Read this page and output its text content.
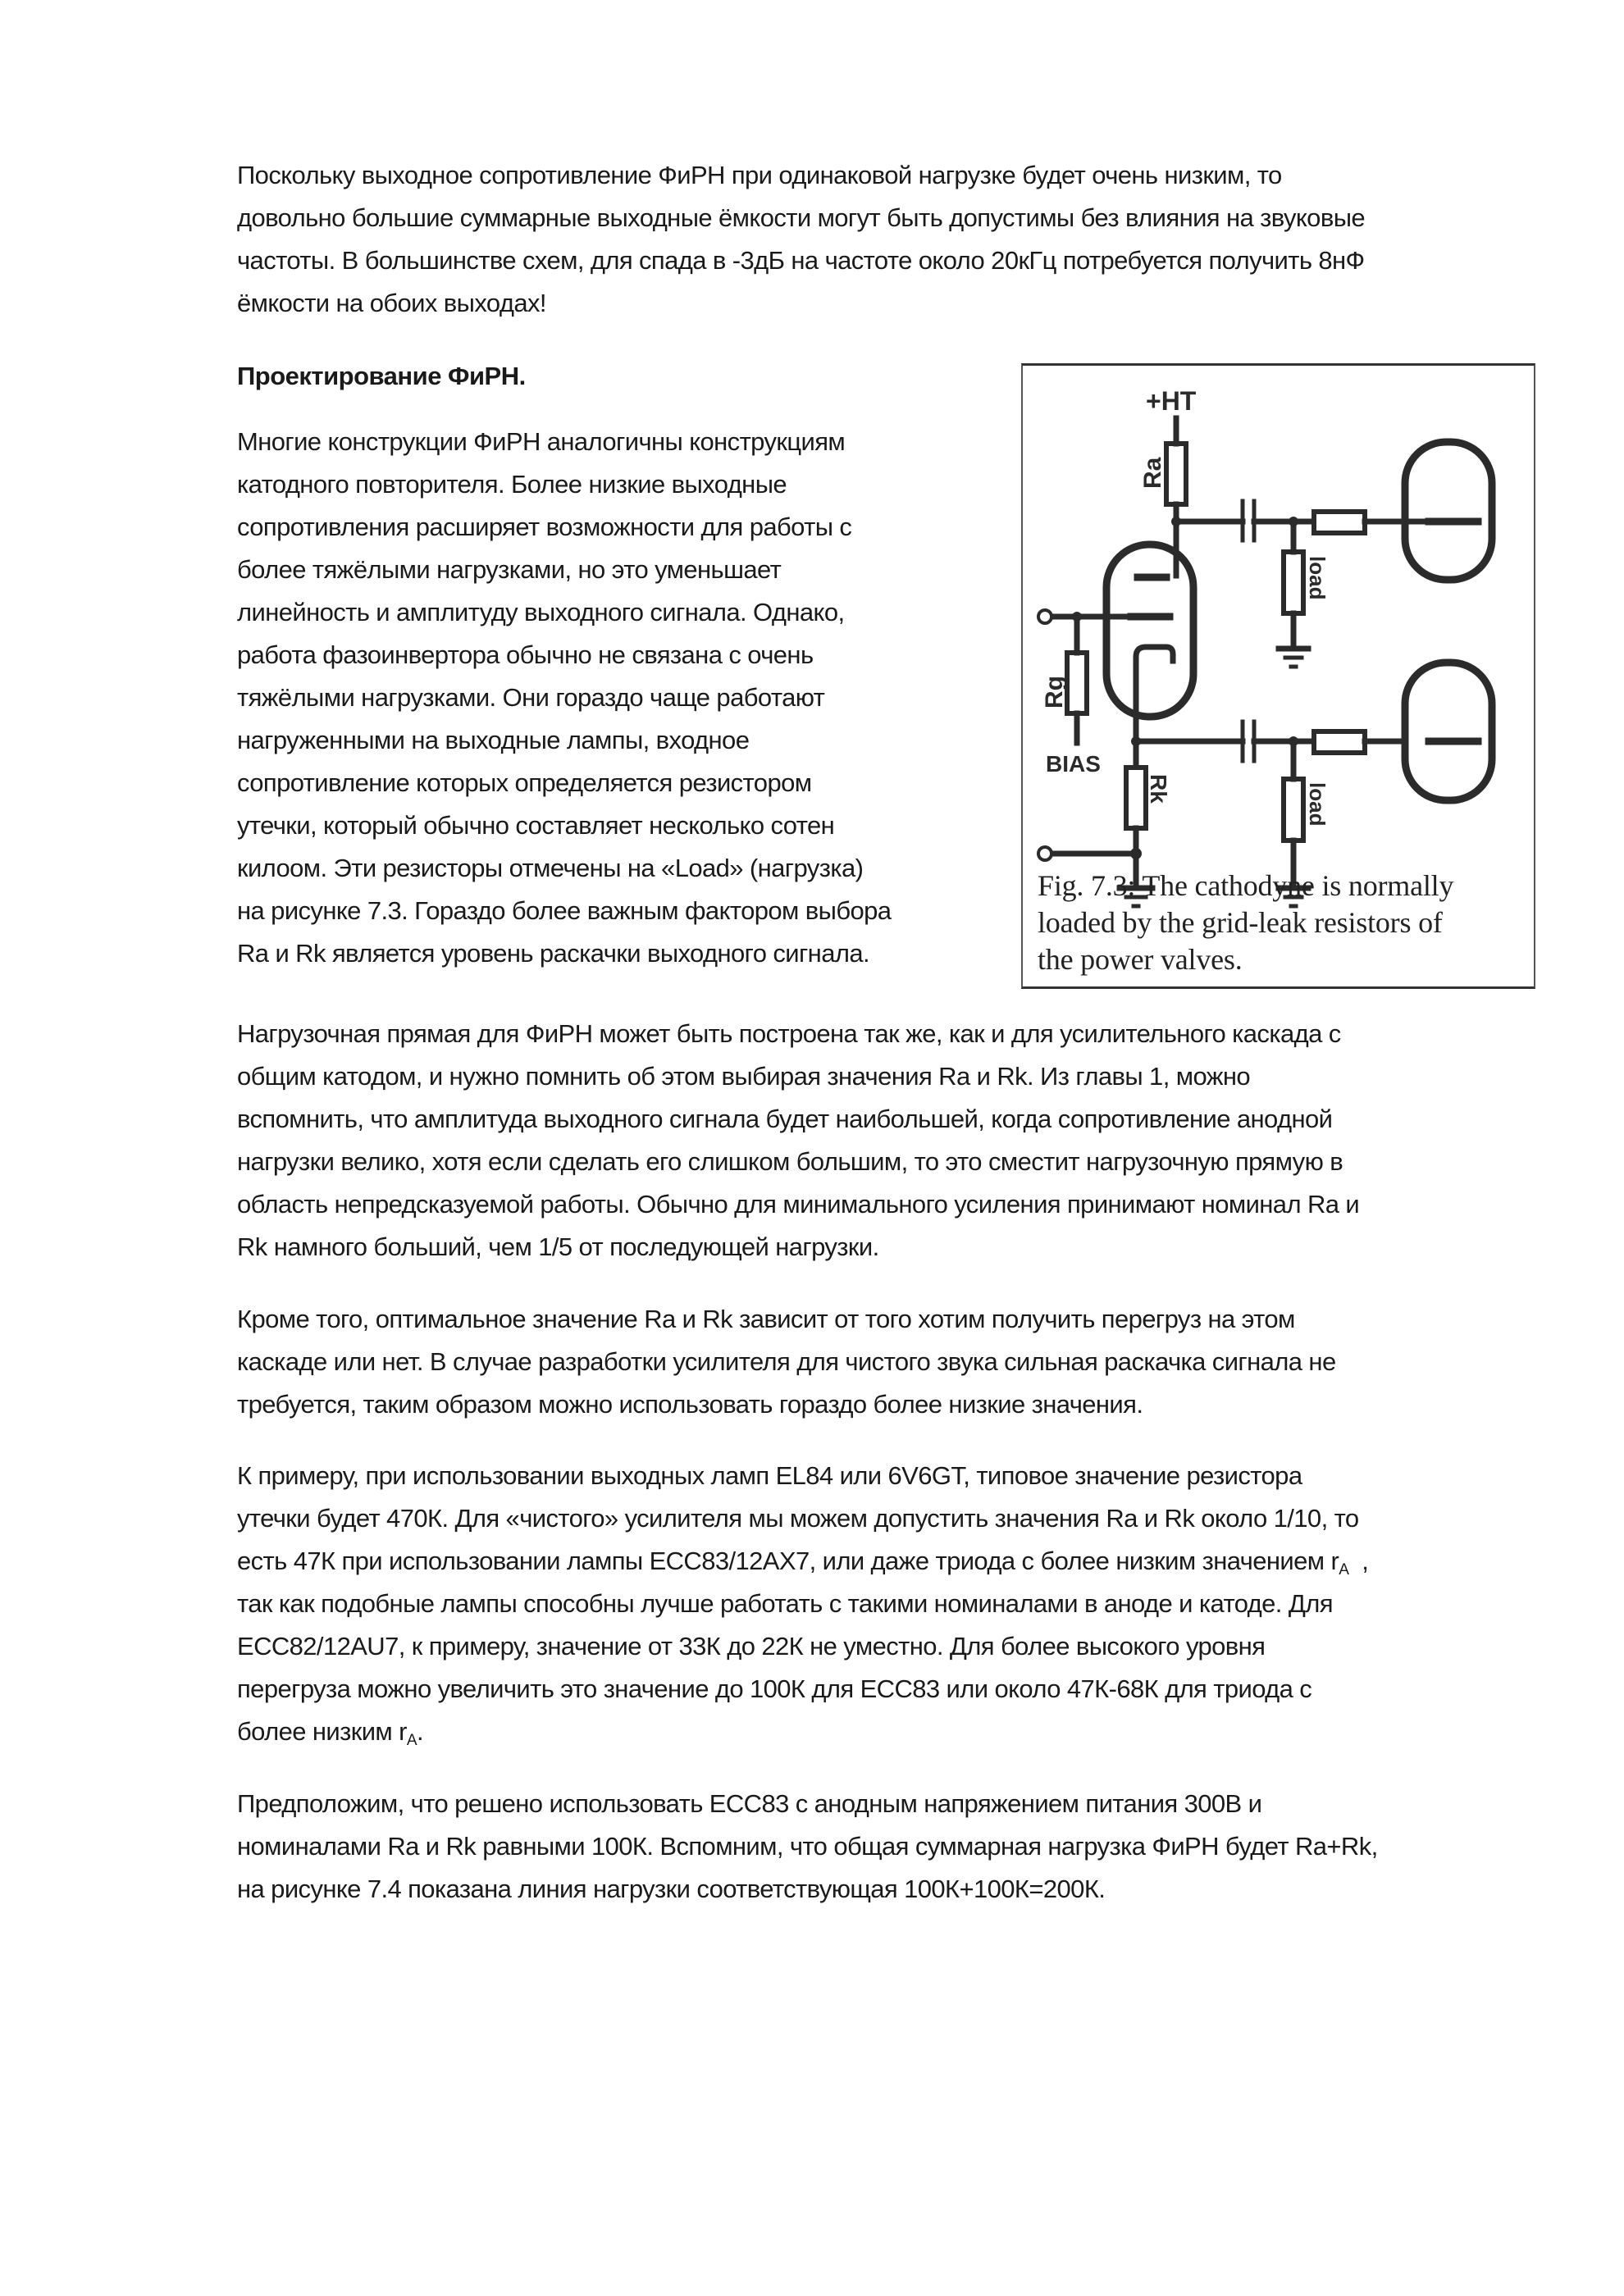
Поскольку выходное сопротивление ФиРН при одинаковой нагрузке будет очень низким, то
довольно большие суммарные выходные ёмкости могут быть допустимы без влияния на звуковые
частоты. В большинстве схем, для спада в -3дБ на частоте около 20кГц потребуется получить 8нФ
ёмкости на обоих выходах!
Проектирование ФиРН.
Многие конструкции ФиРН аналогичны конструкциям
катодного повторителя. Более низкие выходные
сопротивления расширяет возможности для работы с
более тяжёлыми нагрузками, но это уменьшает
линейность и амплитуду выходного сигнала. Однако,
работа фазоинвертора обычно не связана с очень
тяжёлыми нагрузками. Они гораздо чаще работают
нагруженными на выходные лампы, входное
сопротивление которых определяется резистором
утечки, который обычно составляет несколько сотен
килоом. Эти резисторы отмечены на «Load» (нагрузка)
на рисунке 7.3. Гораздо более важным фактором выбора
Ra и Rk является уровень раскачки выходного сигнала.
+HT
Ra
Rg
BIAS
Rk
load
load
Fig. 7.3: The cathodyne is normally
loaded by the grid-leak resistors of
the power valves.
Нагрузочная прямая для ФиРН может быть построена так же, как и для усилительного каскада с
общим катодом, и нужно помнить об этом выбирая значения Ra и Rk. Из главы 1, можно
вспомнить, что амплитуда выходного сигнала будет наибольшей, когда сопротивление анодной
нагрузки велико, хотя если сделать его слишком большим, то это сместит нагрузочную прямую в
область непредсказуемой работы. Обычно для минимального усиления принимают номинал Ra и
Rk намного больший, чем 1/5 от последующей нагрузки.
Кроме того, оптимальное значение Ra и Rk зависит от того хотим получить перегруз на этом
каскаде или нет. В случае разработки усилителя для чистого звука сильная раскачка сигнала не
требуется, таким образом можно использовать гораздо более низкие значения.
К примеру, при использовании выходных ламп EL84 или 6V6GT, типовое значение резистора
утечки будет 470К. Для «чистого» усилителя мы можем допустить значения Ra и Rk около 1/10, то
есть 47К при использовании лампы ECC83/12AX7, или даже триода с более низким значением $r_A$  ,
так как подобные лампы способны лучше работать с такими номиналами в аноде и катоде. Для
ECC82/12AU7, к примеру, значение от 33К до 22К не уместно. Для более высокого уровня
перегруза можно увеличить это значение до 100К для ECC83 или около 47К-68К для триода с
более низким $r_A$.
Предположим, что решено использовать ECC83 с анодным напряжением питания 300В и
номиналами Ra и Rk равными 100К. Вспомним, что общая суммарная нагрузка ФиРН будет Ra+Rk,
на рисунке 7.4 показана линия нагрузки соответствующая 100К+100К=200К.
